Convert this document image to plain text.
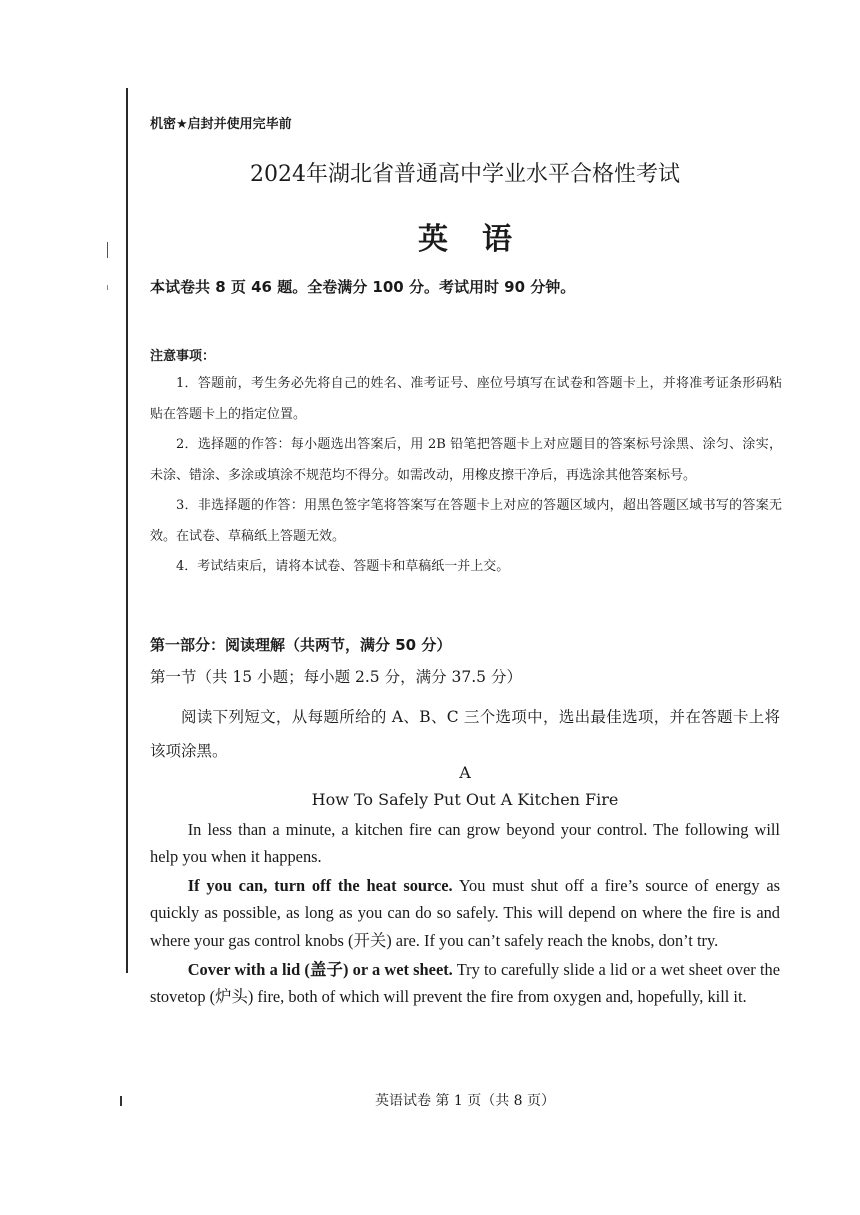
机密★启封并使用完毕前
2024年湖北省普通高中学业水平合格性考试
英语
本试卷共 8 页 46 题。全卷满分 100 分。考试用时 90 分钟。
注意事项：

1．答题前，考生务必先将自己的姓名、准考证号、座位号填写在试卷和答题卡上，并将准考证条形码粘贴在答题卡上的指定位置。

2．选择题的作答：每小题选出答案后，用 2B 铅笔把答题卡上对应题目的答案标号涂黑、涂匀、涂实，未涂、错涂、多涂或填涂不规范均不得分。如需改动，用橡皮擦干净后，再选涂其他答案标号。

3．非选择题的作答：用黑色签字笔将答案写在答题卡上对应的答题区域内，超出答题区域书写的答案无效。在试卷、草稿纸上答题无效。

4．考试结束后，请将本试卷、答题卡和草稿纸一并上交。

第一部分：阅读理解（共两节，满分 50 分）
第一节（共 15 小题；每小题 2.5 分，满分 37.5 分）
阅读下列短文，从每题所给的 A、B、C 三个选项中，选出最佳选项，并在答题卡上将该项涂黑。
A
How To Safely Put Out A Kitchen Fire

In less than a minute, a kitchen fire can grow beyond your control. The following will help you when it happens.

If you can, turn off the heat source. You must shut off a fire’s source of energy as quickly as possible, as long as you can do so safely. This will depend on where the fire is and where your gas control knobs (开关) are. If you can’t safely reach the knobs, don’t try.

Cover with a lid (盖子) or a wet sheet. Try to carefully slide a lid or a wet sheet over the stovetop (炉头) fire, both of which will prevent the fire from oxygen and, hopefully, kill it.

英语试卷 第 1 页（共 8 页）
